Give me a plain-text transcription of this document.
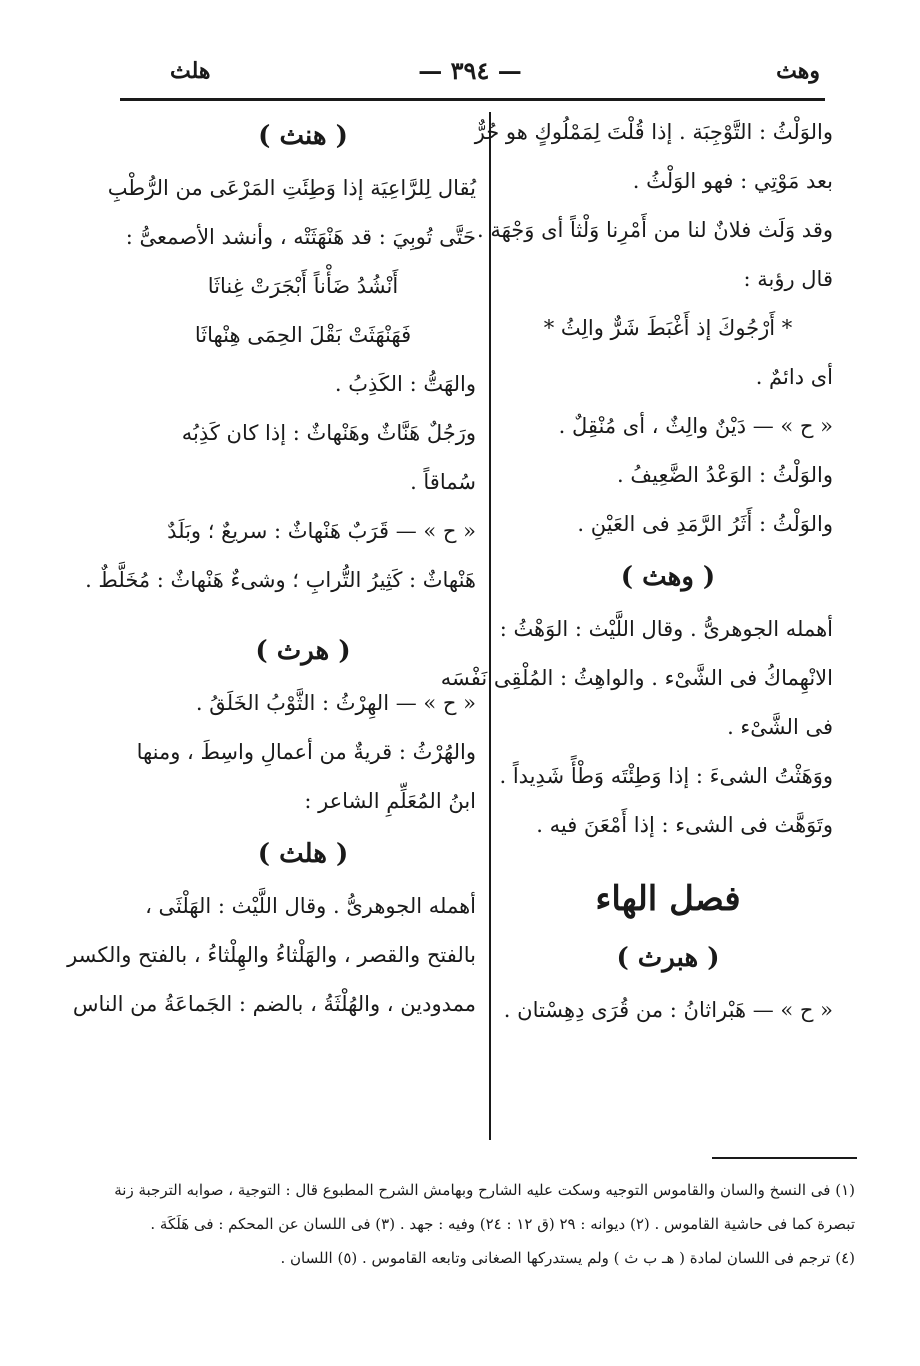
وهث
— ٣٩٤ —
هلث
والوَلْثُ : التَّوْجِبَة . إذا قُلْتَ لِمَمْلُوكٍ هو حُرٌّ
بعد مَوْتِي : فهو الوَلْثُ .
وقد وَلَث فلانٌ لنا من أَمْرِنا وَلْثاً أى وَجْهَة .
قال رؤبة :
* أَرْجُوكَ إذ أَغْبَطَ شَرٌّ والِثُ *
أى دائمٌ .
« ح » — دَيْنٌ والِثٌ ، أى مُنْقِلٌ .
والوَلْثُ : الوَعْدُ الضَّعِيفُ .
والوَلْثُ : أَثَرُ الرَّمَدِ فى العَيْنِ .
( وهث )
أهمله الجوهرىُّ . وقال اللَّيْث : الوَهْثُ :
الانْهِماكُ فى الشَّىْء . والواهِثُ : المُلْقِى نَفْسَه
فى الشَّىْء .
ووَهَثْتُ الشىءَ : إذا وَطِئْتَه وَطْأً شَدِيداً .
وتَوَهَّث فى الشىء : إذا أَمْعَنَ فيه .
فصل الهاء
( هبرث )
« ح » — هَبْراثانُ : من قُرَى دِهِسْتان .
( هنث )
يُقال لِلرَّاعِيَة إذا وَطِئَتِ المَرْعَى من الرُّطْبِ
حَتَّى تُوبِيَ : قد هَنْهَثَتْه ، وأنشد الأصمعىُّ :
أَنْشُدُ ضَأْناً أَبْجَرَتْ غِناثَا
فَهَنْهَثَتْ بَقْلَ الحِمَى هِنْهاثَا
والهَتُّ : الكَذِبُ .
ورَجُلٌ هَنَّاثٌ وهَنْهاثٌ : إذا كان كَذِبُه
سُماقاً .
« ح » — قَرَبٌ هَنْهاثٌ : سريعٌ ؛ وبَلَدٌ
هَنْهاثٌ : كَثِيرُ التُّرابِ ؛ وشىءٌ هَنْهاثٌ : مُخَلَّطٌ .
( هرث )
« ح » — الهِرْثُ : الثَّوْبُ الخَلَقُ .
والهُرْثُ : قريةٌ من أعمالِ واسِطَ ، ومنها
ابنُ المُعَلِّمِ الشاعر :
( هلث )
أهمله الجوهرىُّ . وقال اللَّيْث : الهَلْثَى ،
بالفتح والقصر ، والهَلْثاءُ والهِلْثاءُ ، بالفتح والكسر
ممدودين ، والهُلْثَةُ ، بالضم : الجَماعَةُ من الناس
(١) فى النسخ والسان والقاموس التوجيه وسكت عليه الشارح وبهامش الشرح المطبوع قال : التوجية ، صوابه الترجبة زنة
تبصرة كما فى حاشية القاموس . (٢) ديوانه : ٢٩ (ق ١٢ : ٢٤) وفيه : جهد . (٣) فى اللسان عن المحكم : فى هَلَكَة .
(٤) ترجم فى اللسان لمادة ( هـ ب ث ) ولم يستدركها الصغانى وتابعه القاموس . (٥) اللسان .
